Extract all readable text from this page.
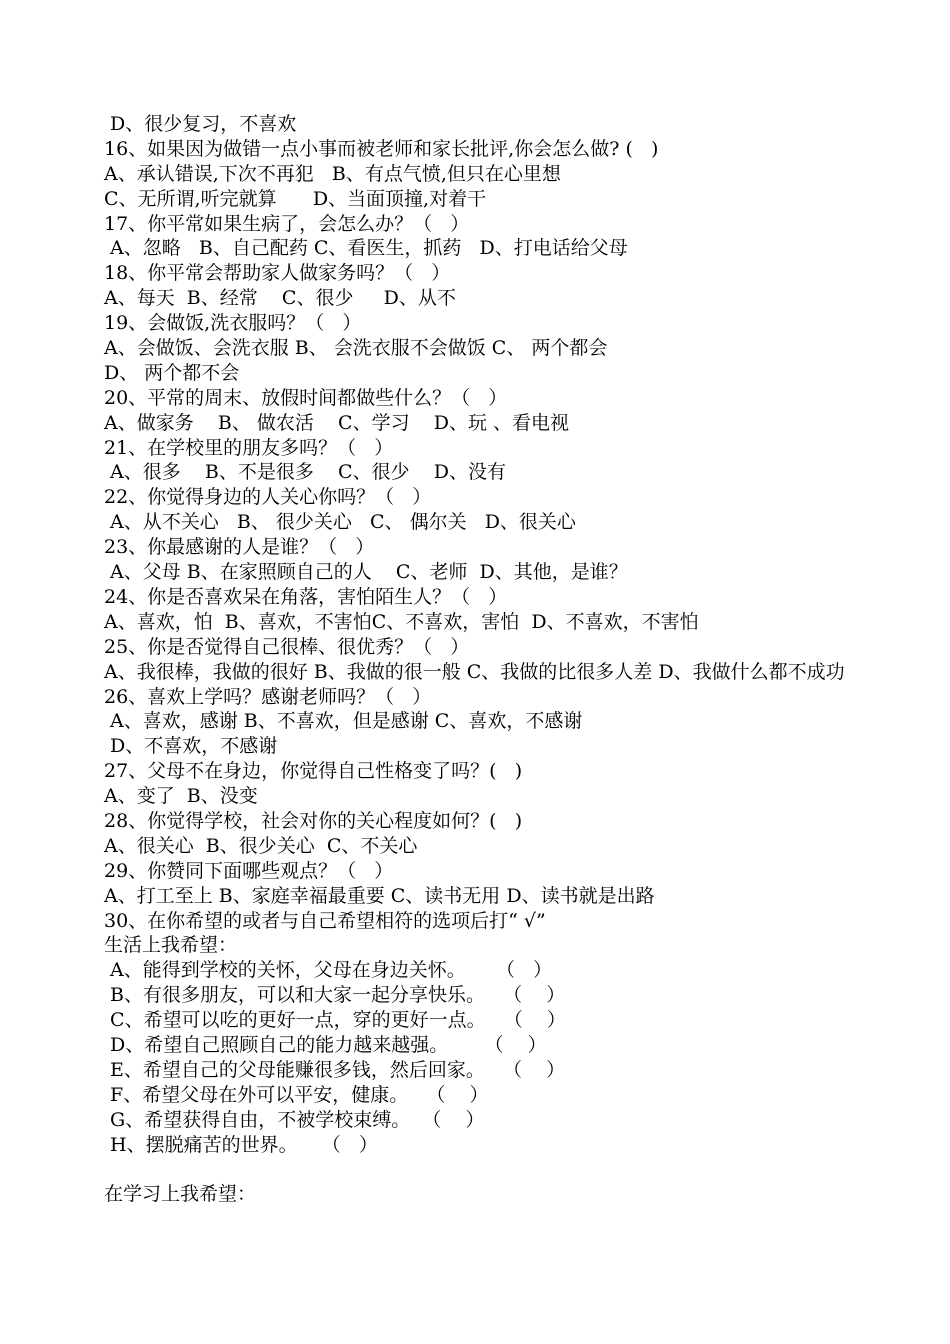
D、很少复习，不喜欢
16、如果因为做错一点小事而被老师和家长批评,你会怎么做? (   )
A、承认错误,下次不再犯   B、有点气愤,但只在心里想
C、无所谓,听完就算      D、当面顶撞,对着干
17、你平常如果生病了，会怎么办？（   ）
A、忽略   B、自己配药 C、看医生，抓药   D、打电话给父母
18、你平常会帮助家人做家务吗？（   ）
A、每天  B、经常    C、很少     D、从不
19、会做饭,洗衣服吗？（   ）
A、会做饭、会洗衣服 B、 会洗衣服不会做饭 C、 两个都会
D、 两个都不会
20、平常的周末、放假时间都做些什么？（   ）
A、做家务    B、 做农活    C、学习    D、玩 、看电视
21、在学校里的朋友多吗？（   ）
A、很多    B、不是很多    C、很少    D、没有
22、你觉得身边的人关心你吗？（   ）
A、从不关心   B、 很少关心   C、 偶尔关   D、很关心
23、你最感谢的人是谁？（   ）
A、父母 B、在家照顾自己的人    C、老师  D、其他，是谁？
24、你是否喜欢呆在角落，害怕陌生人？（   ）
A、喜欢，怕  B、喜欢，不害怕C、不喜欢，害怕  D、不喜欢，不害怕
25、你是否觉得自己很棒、很优秀？（   ）
A、我很棒，我做的很好 B、我做的很一般 C、我做的比很多人差 D、我做什么都不成功
26、喜欢上学吗？感谢老师吗？（   ）
A、喜欢，感谢 B、不喜欢，但是感谢 C、喜欢，不感谢
D、不喜欢，不感谢
27、父母不在身边，你觉得自己性格变了吗？(   )
A、变了  B、没变
28、你觉得学校，社会对你的关心程度如何？(   )
A、很关心  B、很少关心  C、不关心
29、你赞同下面哪些观点？（   ）
A、打工至上 B、家庭幸福最重要 C、读书无用 D、读书就是出路
30、在你希望的或者与自己希望相符的选项后打“ √”
生活上我希望：
A、能得到学校的关怀，父母在身边关怀。     （   ）
B、有很多朋友，可以和大家一起分享快乐。   （    ）
C、希望可以吃的更好一点，穿的更好一点。   （    ）
D、希望自己照顾自己的能力越来越强。      （    ）
E、希望自己的父母能赚很多钱，然后回家。   （    ）
F、希望父母在外可以平安，健康。   （    ）
G、希望获得自由，不被学校束缚。  （    ）
H、摆脱痛苦的世界。    （   ）
在学习上我希望：
